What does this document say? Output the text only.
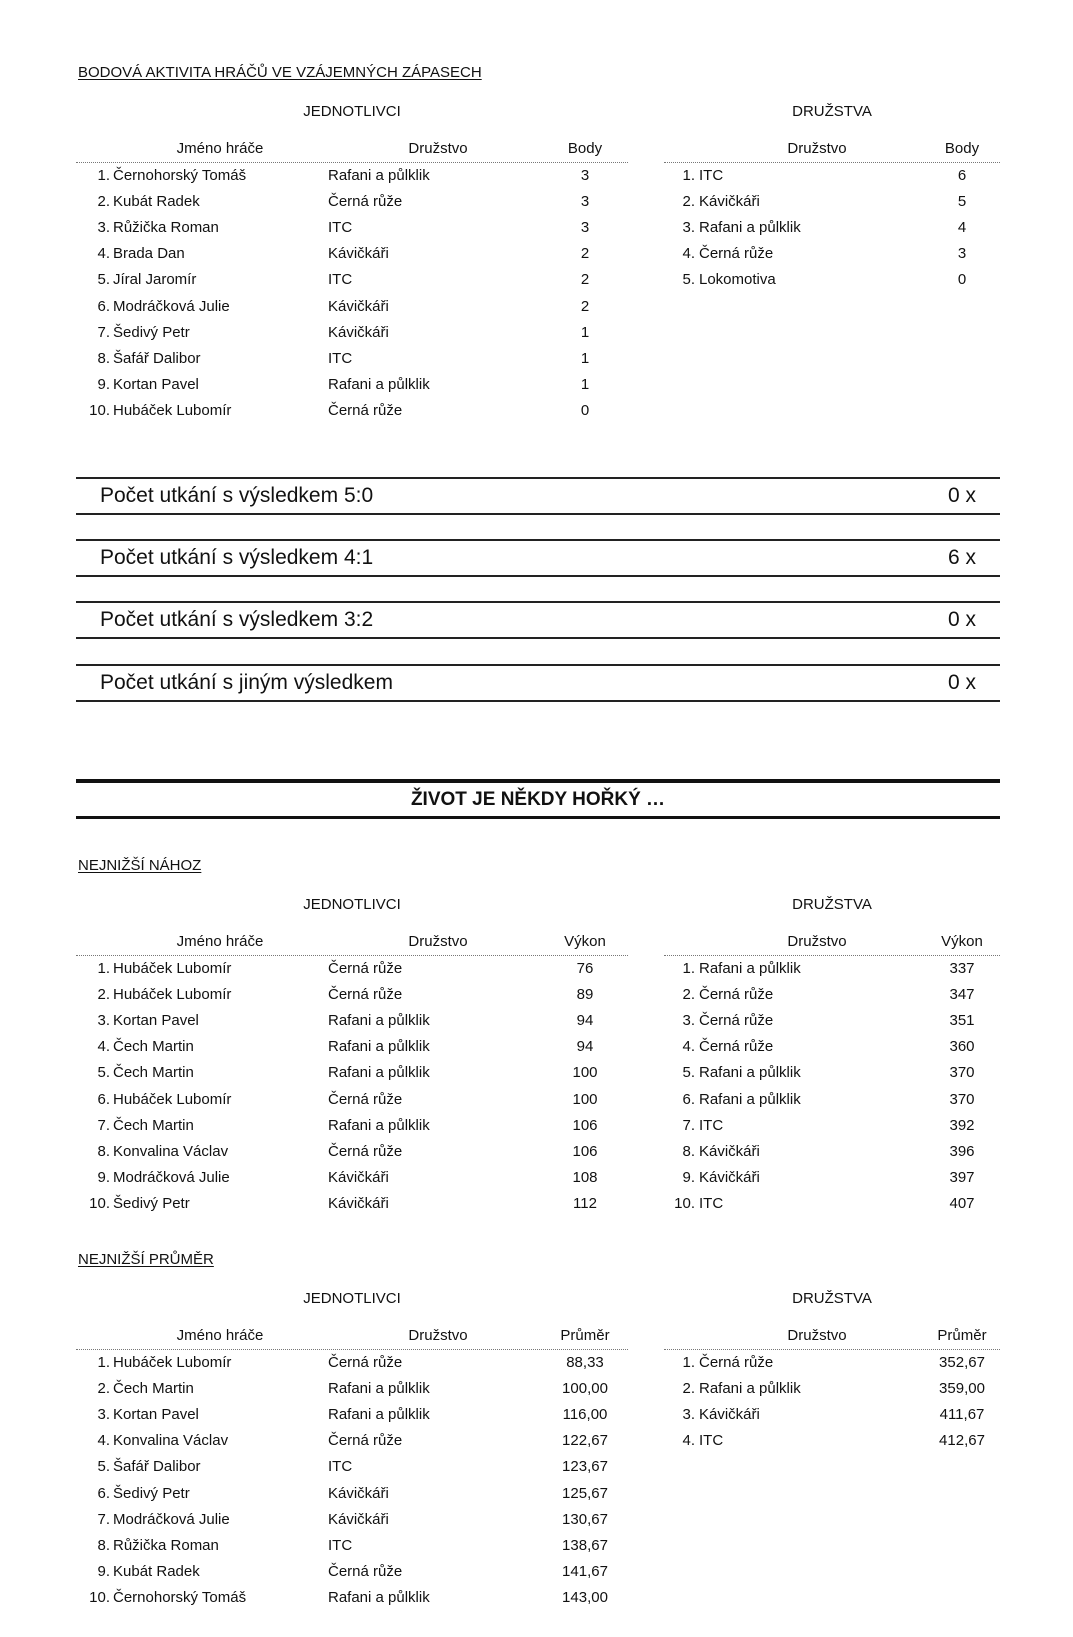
BODOVÁ AKTIVITA HRÁČŮ VE VZÁJEMNÝCH ZÁPASECH
JEDNOTLIVCI	DRUŽSTVA
Jméno hráče	Družstvo	Body	Družstvo	Body
1. Černohorský Tomáš	Rafani a půlklik	3
2. Kubát Radek	Černá růže	3
3. Růžička Roman	ITC	3
4. Brada Dan	Kávičkáři	2
5. Jíral Jaromír	ITC	2
6. Modráčková Julie	Kávičkáři	2
7. Šedivý Petr	Kávičkáři	1
8. Šafář Dalibor	ITC	1
9. Kortan Pavel	Rafani a půlklik	1
10. Hubáček Lubomír	Černá růže	0
1. ITC	6
2. Kávičkáři	5
3. Rafani a půlklik	4
4. Černá růže	3
5. Lokomotiva	0
Počet utkání s výsledkem 5:0	0 x
Počet utkání s výsledkem 4:1	6 x
Počet utkání s výsledkem 3:2	0 x
Počet utkání s jiným výsledkem	0 x
ŽIVOT JE NĚKDY HOŘKÝ …
NEJNIŽŠÍ NÁHOZ
JEDNOTLIVCI	DRUŽSTVA
Jméno hráče	Družstvo	Výkon	Družstvo	Výkon
1. Hubáček Lubomír	Černá růže	76
2. Hubáček Lubomír	Černá růže	89
3. Kortan Pavel	Rafani a půlklik	94
4. Čech Martin	Rafani a půlklik	94
5. Čech Martin	Rafani a půlklik	100
6. Hubáček Lubomír	Černá růže	100
7. Čech Martin	Rafani a půlklik	106
8. Konvalina Václav	Černá růže	106
9. Modráčková Julie	Kávičkáři	108
10. Šedivý Petr	Kávičkáři	112
1. Rafani a půlklik	337
2. Černá růže	347
3. Černá růže	351
4. Černá růže	360
5. Rafani a půlklik	370
6. Rafani a půlklik	370
7. ITC	392
8. Kávičkáři	396
9. Kávičkáři	397
10. ITC	407
NEJNIŽŠÍ PRŮMĚR
JEDNOTLIVCI	DRUŽSTVA
Jméno hráče	Družstvo	Průměr	Družstvo	Průměr
1. Hubáček Lubomír	Černá růže	88,33
2. Čech Martin	Rafani a půlklik	100,00
3. Kortan Pavel	Rafani a půlklik	116,00
4. Konvalina Václav	Černá růže	122,67
5. Šafář Dalibor	ITC	123,67
6. Šedivý Petr	Kávičkáři	125,67
7. Modráčková Julie	Kávičkáři	130,67
8. Růžička Roman	ITC	138,67
9. Kubát Radek	Černá růže	141,67
10. Černohorský Tomáš	Rafani a půlklik	143,00
1. Černá růže	352,67
2. Rafani a půlklik	359,00
3. Kávičkáři	411,67
4. ITC	412,67
